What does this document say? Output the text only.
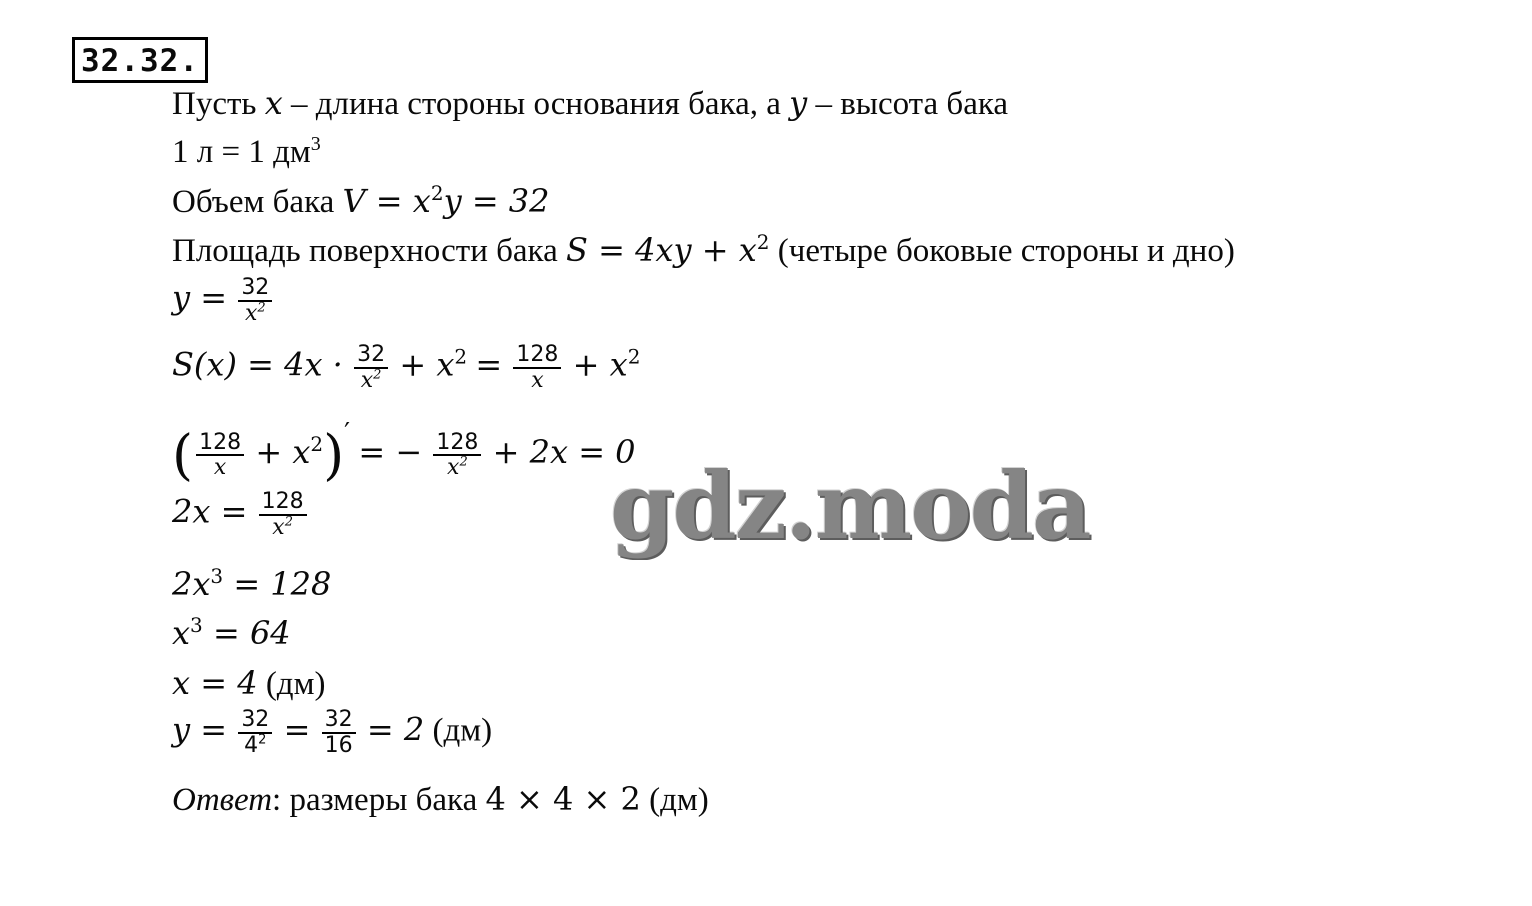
32.32.
Пусть x – длина стороны основания бака, а y – высота бака
1 л = 1 $дм^3$
Объем бака $V = x^2y = 32$
Площадь поверхности бака $S = 4xy + x^2$ (четыре боковые стороны и дно)
$y = \frac{32}{x^2}$
$S(x) = 4x \cdot \frac{32}{x^2} + x^2 = \frac{128}{x} + x^2$
( $\frac{128}{x} + x^2)'$ = − $\frac{128}{x^2} + 2x = 0$
$2x = \frac{128}{x^2}$
$2x^3 = 128$
$x^3 = 64$
x = 4 (дм)
$y = \frac{32}{4^2} = \frac{32}{16} = 2$ (дм)
Ответ: размеры бака 4 × 4 × 2 (дм)
gdz.moda
